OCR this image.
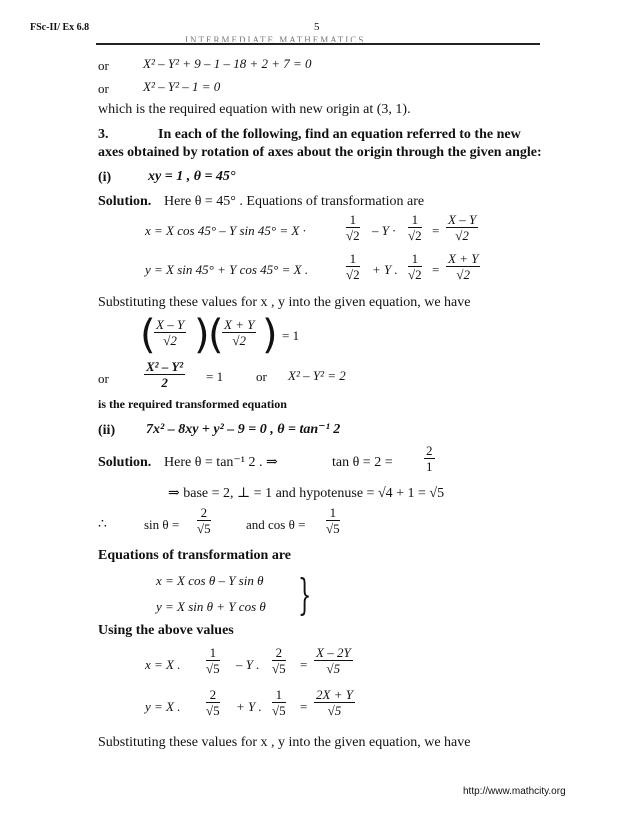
FSc-II/ Ex 6.8	5
INTERMEDIATE MATHEMATICS
or	X² – Y² + 9 – 1 – 18 + 2 + 7 = 0
or	X² – Y² – 1 = 0
which is the required equation with new origin at (3, 1).
3.	In each of the following, find an equation referred to the new
axes obtained by rotation of axes about the origin through the given angle:
(i)	xy = 1 , θ = 45°
Solution. Here θ = 45° . Equations of transformation are
x = X cos 45° – Y sin 45° = X ·	$\frac{1}{√2} - Y \cdot \frac{1}{√2} = \frac{X - Y}{√2}$
y = X sin 45° + Y cos 45° = X .	$\frac{1}{√2} + Y$ . $\frac{1}{√2} = \frac{X + Y}{√2}$
Substituting these values for x , y into the given equation, we have
(
$\frac{X - Y}{√2}$ )
(
$\frac{X + Y}{√2}$ ) = 1
or	$\frac{\text{X² – Y²}}{2} = 1$	or X² – Y² = 2
is the required transformed equation
(ii) 7x² – 8xy + y² – 9 = 0 , θ = tan⁻¹ 2
Solution. Here θ = tan⁻¹ 2 . ⇒	$\tan \theta = 2 = \frac{2}{1}$
⇒ base = 2, ⊥ = 1 and hypotenuse = √4 + 1 = √5
∴	$\sin \theta = \frac{2}{√5}$	and $\cos \theta = \frac{1}{√5}$
Equations of transformation are
x = X cos θ – Y sin θ
y = X sin θ + Y cos θ }
Using the above values
x = X . $\frac{1}{√5}$ – Y . $\frac{2}{√5} = \frac{X - 2Y}{√5}$
y = X . $\frac{2}{√5} + Y$ . $\frac{1}{√5} = \frac{2X + Y}{√5}$
Substituting these values for x , y into the given equation, we have
http://www.mathcity.org
